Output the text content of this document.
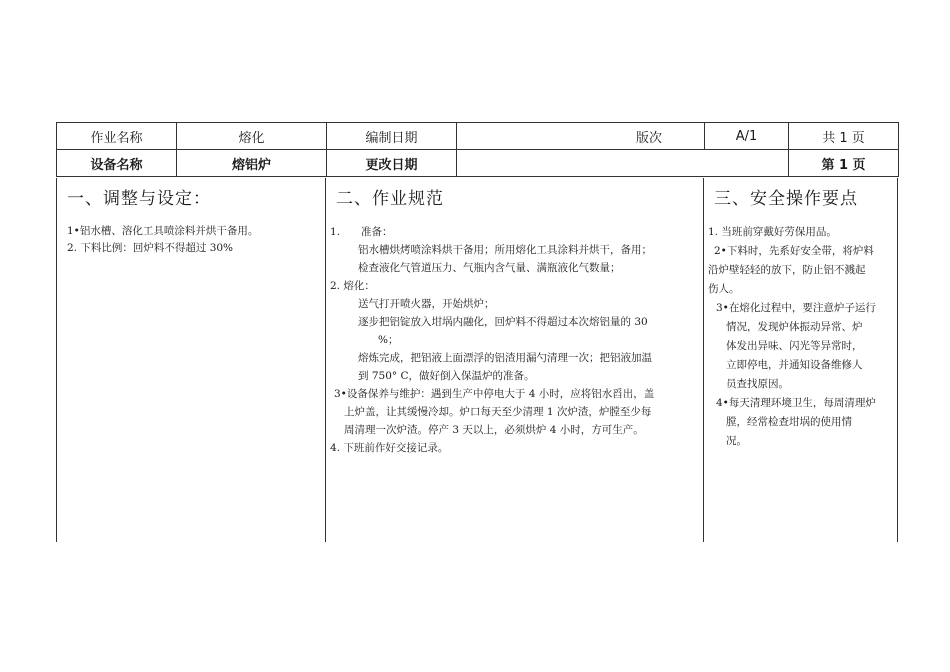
作业名称	熔化	编制日期	版次	A/1	共 1 页
设备名称	熔铝炉	更改日期			第 1 页
一、调整与设定：
1•铝水槽、溶化工具喷涂料并烘干备用。
2. 下料比例：回炉料不得超过 30%
二、作业规范
1.　　准备：
铝水槽烘烤喷涂料烘干备用；所用熔化工具涂料并烘干，备用；
检查液化气管道压力、气瓶内含气量、满瓶液化气数量；
2. 熔化：
送气打开喷火器，开始烘炉；
逐步把铝锭放入坩埚内融化，回炉料不得超过本次熔铝量的 30
%；
熔炼完成，把铝液上面漂浮的铝渣用漏勺清理一次；把铝液加温
到 750° C，做好倒入保温炉的准备。
3•设备保养与维护：遇到生产中停电大于 4 小时，应将铝水舀出，盖
上炉盖，让其缓慢冷却。炉口每天至少清理 1 次炉渣，炉膛至少每
周清理一次炉渣。停产 3 天以上，必须烘炉 4 小时，方可生产。
4. 下班前作好交接记录。
三、安全操作要点
1. 当班前穿戴好劳保用品。
2•下料时，先系好安全带，将炉料
沿炉壁轻轻的放下，防止铝不溅起
伤人。
3•在熔化过程中，要注意炉子运行
情况，发现炉体振动异常、炉
体发出异味、闪光等异常时，
立即停电，并通知设备维修人
员查找原因。
4•每天清理环境卫生，每周清理炉
膛，经常检查坩埚的使用情
况。
